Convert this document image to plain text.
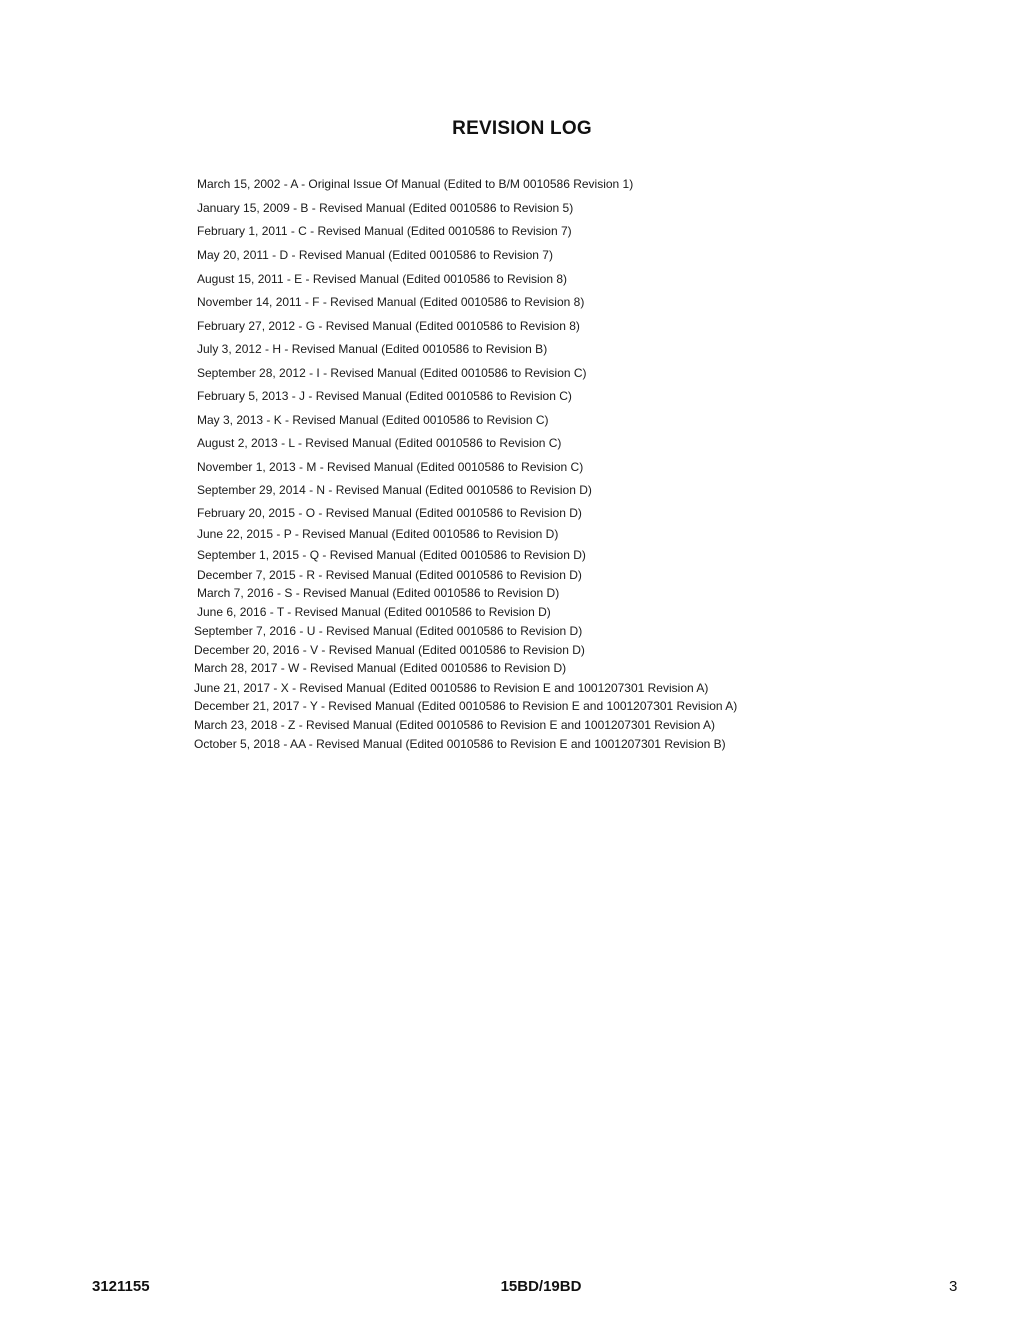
REVISION LOG
March 15, 2002 - A - Original Issue Of Manual (Edited to B/M 0010586 Revision 1)
January 15, 2009 - B - Revised Manual (Edited 0010586 to Revision 5)
February 1, 2011 - C - Revised Manual (Edited 0010586 to Revision 7)
May 20, 2011 - D - Revised Manual (Edited 0010586 to Revision 7)
August 15, 2011 - E - Revised Manual (Edited 0010586 to Revision 8)
November 14, 2011 - F - Revised Manual (Edited 0010586 to Revision 8)
February 27, 2012 - G - Revised Manual (Edited 0010586 to Revision 8)
July 3, 2012 - H - Revised Manual (Edited 0010586 to Revision B)
September 28, 2012 - I - Revised Manual (Edited 0010586 to Revision C)
February 5, 2013 - J - Revised Manual (Edited 0010586 to Revision C)
May 3, 2013 - K - Revised Manual (Edited 0010586 to Revision C)
August 2, 2013 - L - Revised Manual (Edited 0010586 to Revision C)
November 1, 2013 - M - Revised Manual (Edited 0010586 to Revision C)
September 29, 2014 - N - Revised Manual (Edited 0010586 to Revision D)
February 20, 2015 - O - Revised Manual (Edited 0010586 to Revision D)
June 22, 2015 - P - Revised Manual (Edited 0010586 to Revision D)
September 1, 2015 - Q - Revised Manual (Edited 0010586 to Revision D)
December 7, 2015 - R - Revised Manual (Edited 0010586 to Revision D)
March 7, 2016 - S - Revised Manual (Edited 0010586 to Revision D)
June 6, 2016 - T - Revised Manual (Edited 0010586 to Revision D)
September 7, 2016 - U - Revised Manual (Edited 0010586 to Revision D)
December 20, 2016 - V - Revised Manual (Edited 0010586 to Revision D)
March 28, 2017 - W - Revised Manual (Edited 0010586 to Revision D)
June 21, 2017 - X - Revised Manual (Edited 0010586 to Revision E and 1001207301 Revision A)
December 21, 2017 - Y - Revised Manual (Edited 0010586 to Revision E and 1001207301 Revision A)
March 23, 2018 - Z - Revised Manual (Edited 0010586 to Revision E and 1001207301 Revision A)
October 5, 2018 - AA - Revised Manual (Edited 0010586 to Revision E and 1001207301 Revision B)
3121155	15BD/19BD	3
